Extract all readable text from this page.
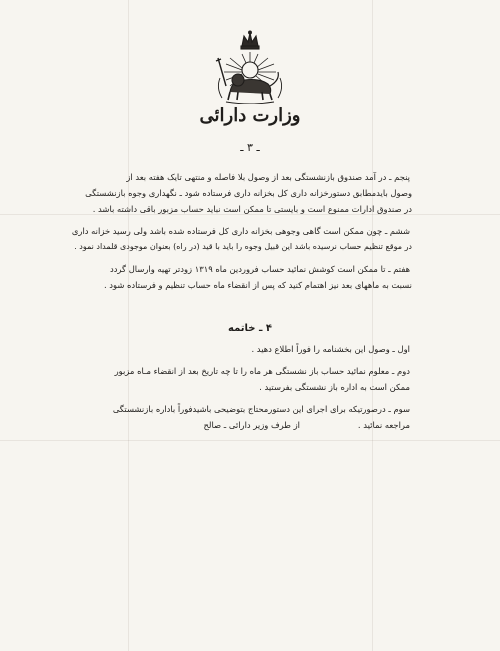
وزارت دارائی
ـ ۳ ـ
پنجم ـ در آمد صندوق بازنشستگی بعد از وصول بلا فاصله و منتهی تایک هفته بعد از
وصول بایدمطابق دستورخزانه داری کل بخزانه داری فرستاده شود ـ نگهداری وجوه بازنشستگی
در صندوق ادارات ممنوع است و بایستی تا ممکن است نباید حساب مزبور باقی داشته باشد .
ششم ـ چون ممکن است گاهی وجوهی بخزانه داری کل فرستاده شده باشد ولی رسید خزانه داری
در موقع تنظیم حساب نرسیده باشد این قبیل وجوه را باید با قید (در راه) بعنوان موجودی قلمداد نمود .
هفتم ـ تا ممکن است کوشش نمائید حساب فروردین ماه ۱۳۱۹ زودتر تهیه وارسال گردد
نسبت به ماههای بعد نیز اهتمام کنید که پس از انقضاء ماه حساب تنظیم و فرستاده شود .
۴ ـ خاتمه
اول ـ وصول این بخشنامه را فوراً اطلاع دهید .
دوم ـ معلوم نمائید حساب باز نشستگی هر ماه را تا چه تاریخ بعد از انقضاء مـاه مزبور
ممکن است به اداره باز نشستگی بفرستید .
سوم ـ درصورتیکه برای اجرای این دستورمحتاج بتوضیحی باشیدفوراً باداره بازنشستگی
مراجعه نمائید .
از طرف وزیر دارائی ـ صالح
